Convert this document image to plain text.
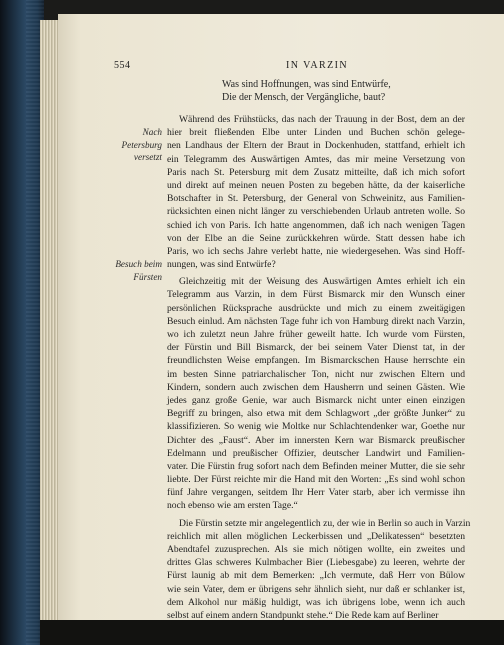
554	IN VARZIN
Was sind Hoffnungen, was sind Entwürfe,
Die der Mensch, der Vergängliche, baut?
Nach
Petersburg
versetzt
Besuch beim
Fürsten
Während des Frühstücks, das nach der Trauung in der Bost, dem an der
hier breit fließenden Elbe unter Linden und Buchen schön gelege-
nen Landhaus der Eltern der Braut in Dockenhuden, stattfand, erhielt ich
ein Telegramm des Auswärtigen Amtes, das mir meine Versetzung von
Paris nach St. Petersburg mit dem Zusatz mitteilte, daß ich mich sofort
und direkt auf meinen neuen Posten zu begeben hätte, da der kaiserliche
Botschafter in St. Petersburg, der General von Schweinitz, aus Familien-
rücksichten einen nicht länger zu verschiebenden Urlaub antreten wolle. So
schied ich von Paris. Ich hatte angenommen, daß ich nach wenigen Tagen
von der Elbe an die Seine zurückkehren würde. Statt dessen habe ich
Paris, wo ich sechs Jahre verlebt hatte, nie wiedergesehen. Was sind Hoff-
nungen, was sind Entwürfe?
Gleichzeitig mit der Weisung des Auswärtigen Amtes erhielt ich ein
Telegramm aus Varzin, in dem Fürst Bismarck mir den Wunsch einer
persönlichen Rücksprache ausdrückte und mich zu einem zweitägigen
Besuch einlud. Am nächsten Tage fuhr ich von Hamburg direkt nach Varzin,
wo ich zuletzt neun Jahre früher geweilt hatte. Ich wurde vom Fürsten,
der Fürstin und Bill Bismarck, der bei seinem Vater Dienst tat, in der
freundlichsten Weise empfangen. Im Bismarckschen Hause herrschte ein
im besten Sinne patriarchalischer Ton, nicht nur zwischen Eltern und
Kindern, sondern auch zwischen dem Hausherrn und seinen Gästen. Wie
jedes ganz große Genie, war auch Bismarck nicht unter einen einzigen
Begriff zu bringen, also etwa mit dem Schlagwort „der größte Junker“ zu
klassifizieren. So wenig wie Moltke nur Schlachtendenker war, Goethe nur
Dichter des „Faust“. Aber im innersten Kern war Bismarck preußischer
Edelmann und preußischer Offizier, deutscher Landwirt und Familien-
vater. Die Fürstin frug sofort nach dem Befinden meiner Mutter, die sie sehr
liebte. Der Fürst reichte mir die Hand mit den Worten: „Es sind wohl schon
fünf Jahre vergangen, seitdem Ihr Herr Vater starb, aber ich vermisse ihn
noch ebenso wie am ersten Tage.“
Die Fürstin setzte mir angelegentlich zu, der wie in Berlin so auch in Varzin
reichlich mit allen möglichen Leckerbissen und „Delikatessen“ besetzten
Abendtafel zuzusprechen. Als sie mich nötigen wollte, ein zweites und
drittes Glas schweres Kulmbacher Bier (Liebesgabe) zu leeren, wehrte der
Fürst launig ab mit dem Bemerken: „Ich vermute, daß Herr von Bülow
wie sein Vater, dem er übrigens sehr ähnlich sieht, nur daß er schlanker ist,
dem Alkohol nur mäßig huldigt, was ich übrigens lobe, wenn ich auch
selbst auf einem andern Standpunkt stehe.“ Die Rede kam auf Berliner
